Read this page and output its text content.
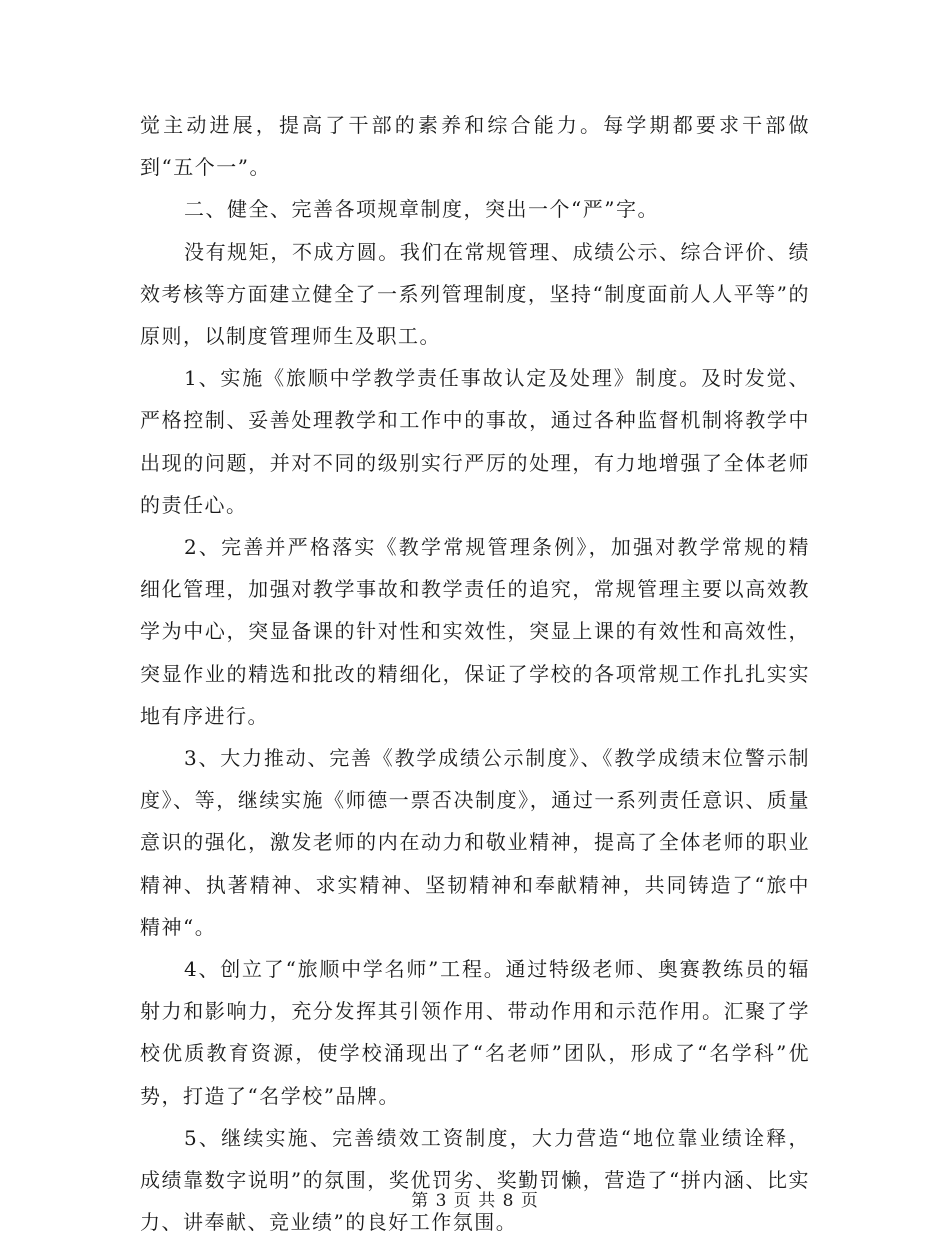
觉主动进展，提高了干部的素养和综合能力。每学期都要求干部做到“五个一”。

二、健全、完善各项规章制度，突出一个“严”字。

没有规矩，不成方圆。我们在常规管理、成绩公示、综合评价、绩效考核等方面建立健全了一系列管理制度，坚持“制度面前人人平等”的原则，以制度管理师生及职工。

1、实施《旅顺中学教学责任事故认定及处理》制度。及时发觉、严格控制、妥善处理教学和工作中的事故，通过各种监督机制将教学中出现的问题，并对不同的级别实行严厉的处理，有力地增强了全体老师的责任心。

2、完善并严格落实《教学常规管理条例》，加强对教学常规的精细化管理，加强对教学事故和教学责任的追究，常规管理主要以高效教学为中心，突显备课的针对性和实效性，突显上课的有效性和高效性，突显作业的精选和批改的精细化，保证了学校的各项常规工作扎扎实实地有序进行。

3、大力推动、完善《教学成绩公示制度》、《教学成绩末位警示制度》、等，继续实施《师德一票否决制度》，通过一系列责任意识、质量意识的强化，激发老师的内在动力和敬业精神，提高了全体老师的职业精神、执著精神、求实精神、坚韧精神和奉献精神，共同铸造了“旅中精神“。

4、创立了“旅顺中学名师”工程。通过特级老师、奥赛教练员的辐射力和影响力，充分发挥其引领作用、带动作用和示范作用。汇聚了学校优质教育资源，使学校涌现出了“名老师”团队，形成了“名学科”优势，打造了“名学校”品牌。

5、继续实施、完善绩效工资制度，大力营造“地位靠业绩诠释，成绩靠数字说明”的氛围，奖优罚劣、奖勤罚懒，营造了“拼内涵、比实力、讲奉献、竞业绩”的良好工作氛围。

第 3 页 共 8 页
